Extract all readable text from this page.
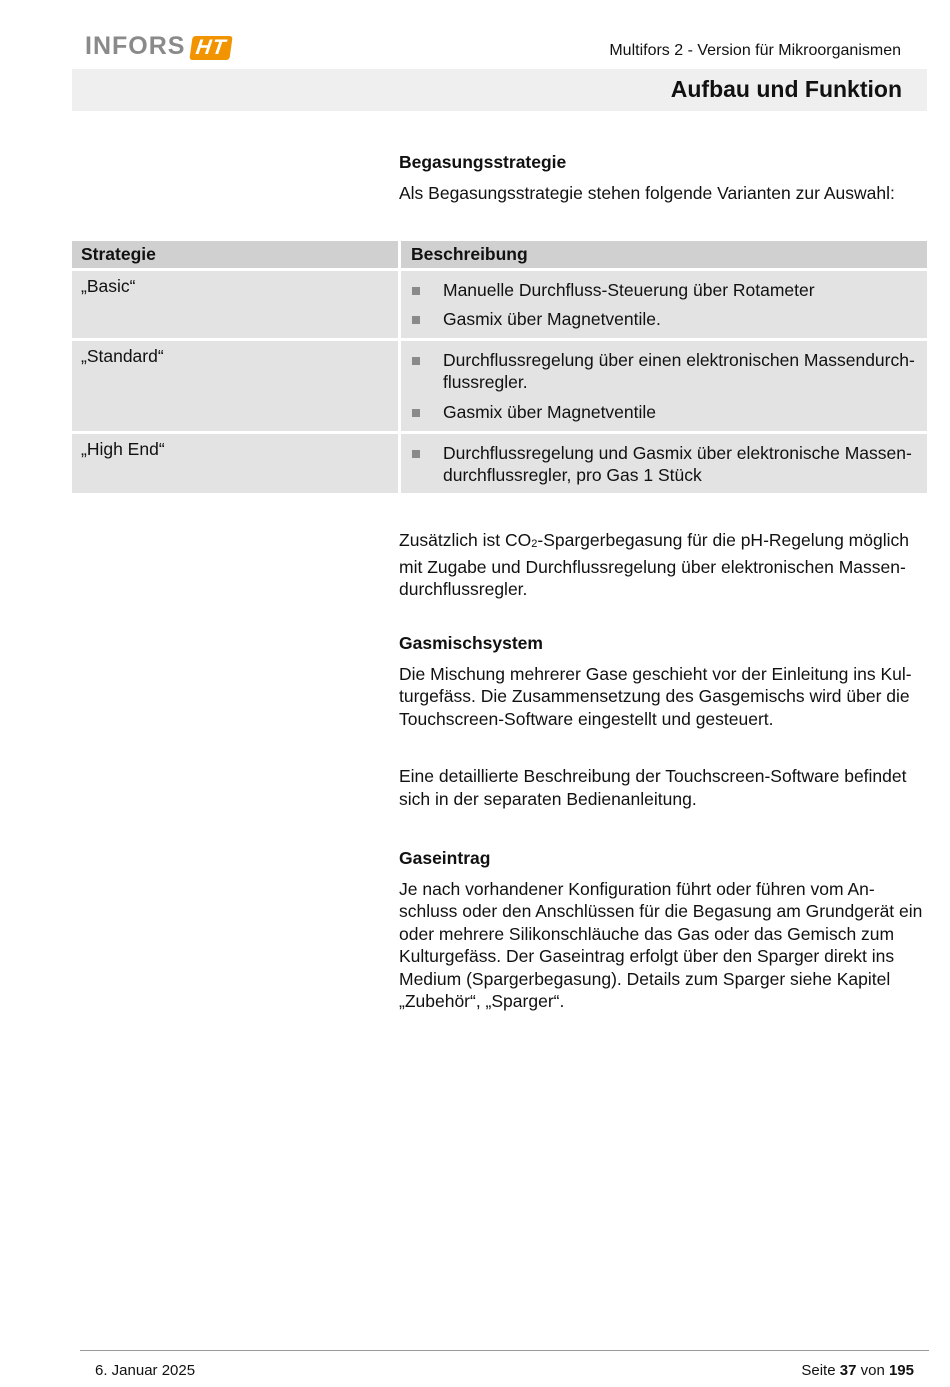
INFORS HT	Multifors 2 - Version für Mikroorganismen
Aufbau und Funktion
Begasungsstrategie
Als Begasungsstrategie stehen folgende Varianten zur Auswahl:
Strategie	Beschreibung
„Basic“	Manuelle Durchfluss-Steuerung über Rotameter
Gasmix über Magnetventile.
„Standard“	Durchflussregelung über einen elektronischen Massendurch-flussregler.
Gasmix über Magnetventile
„High End“	Durchflussregelung und Gasmix über elektronische Massen-durchflussregler, pro Gas 1 Stück
Zusätzlich ist $CO_2$-Spargerbegasung für die pH-Regelung möglich mit Zugabe und Durchflussregelung über elektronischen Massen-durchflussregler.
Gasmischsystem
Die Mischung mehrerer Gase geschieht vor der Einleitung ins Kul-turgefäss. Die Zusammensetzung des Gasgemischs wird über die Touchscreen-Software eingestellt und gesteuert.
Eine detaillierte Beschreibung der Touchscreen-Software befindet sich in der separaten Bedienanleitung.
Gaseintrag
Je nach vorhandener Konfiguration führt oder führen vom An-schluss oder den Anschlüssen für die Begasung am Grundgerät ein oder mehrere Silikonschläuche das Gas oder das Gemisch zum Kulturgefäss. Der Gaseintrag erfolgt über den Sparger direkt ins Medium (Spargerbegasung). Details zum Sparger siehe Kapitel „Zubehör“, „Sparger“.
6. Januar 2025	Seite 37 von 195
